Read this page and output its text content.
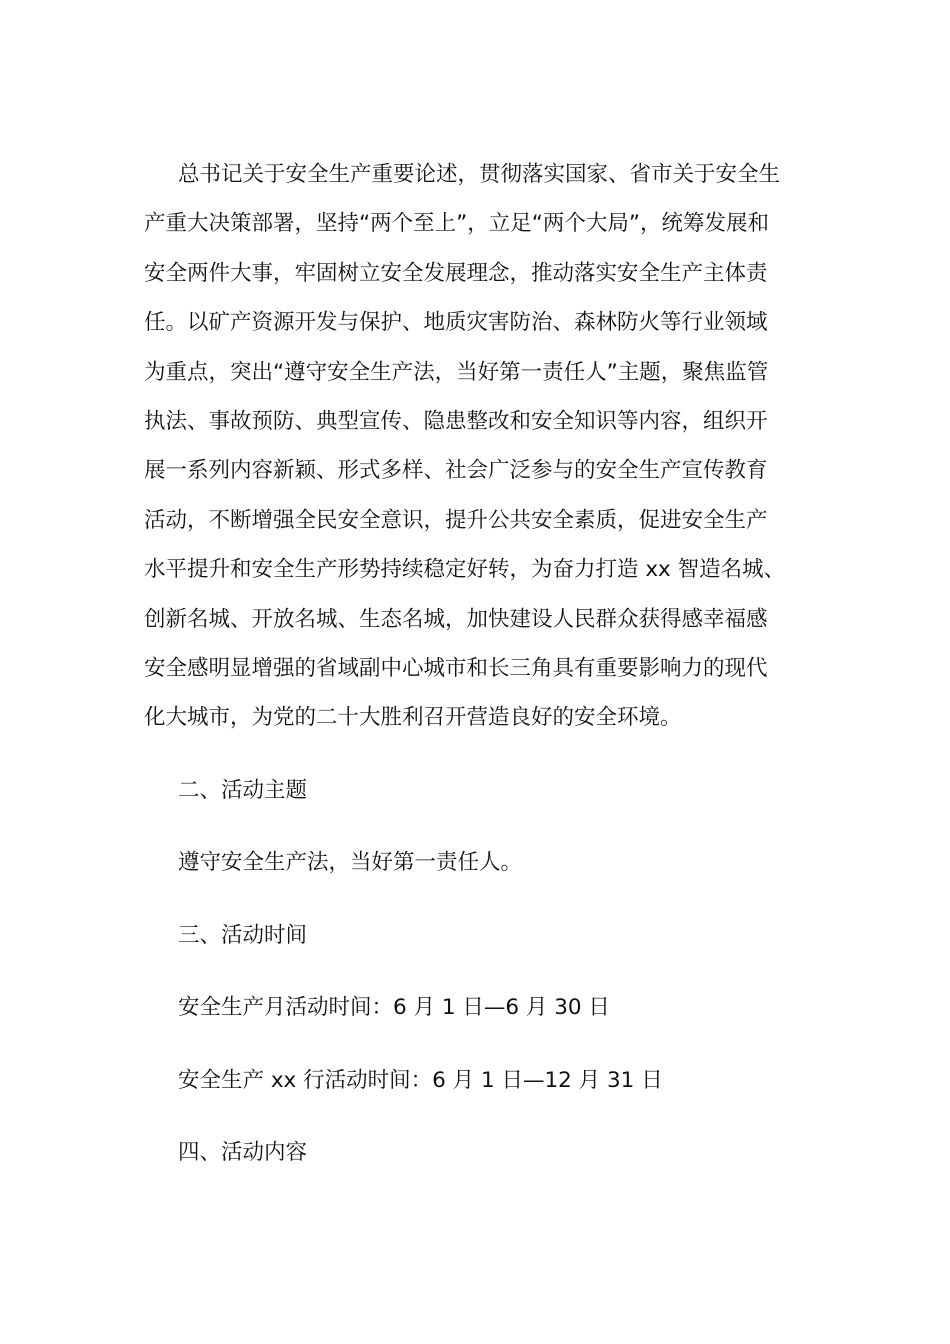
总书记关于安全生产重要论述，贯彻落实国家、省市关于安全生
产重大决策部署，坚持“两个至上”，立足“两个大局”，统筹发展和
安全两件大事，牢固树立安全发展理念，推动落实安全生产主体责
任。以矿产资源开发与保护、地质灾害防治、森林防火等行业领域
为重点，突出“遵守安全生产法，当好第一责任人”主题，聚焦监管
执法、事故预防、典型宣传、隐患整改和安全知识等内容，组织开
展一系列内容新颖、形式多样、社会广泛参与的安全生产宣传教育
活动，不断增强全民安全意识，提升公共安全素质，促进安全生产
水平提升和安全生产形势持续稳定好转，为奋力打造 xx 智造名城、
创新名城、开放名城、生态名城，加快建设人民群众获得感幸福感
安全感明显增强的省域副中心城市和长三角具有重要影响力的现代
化大城市，为党的二十大胜利召开营造良好的安全环境。
二、活动主题
遵守安全生产法，当好第一责任人。
三、活动时间
安全生产月活动时间：6 月 1 日—6 月 30 日
安全生产 xx 行活动时间：6 月 1 日—12 月 31 日
四、活动内容
